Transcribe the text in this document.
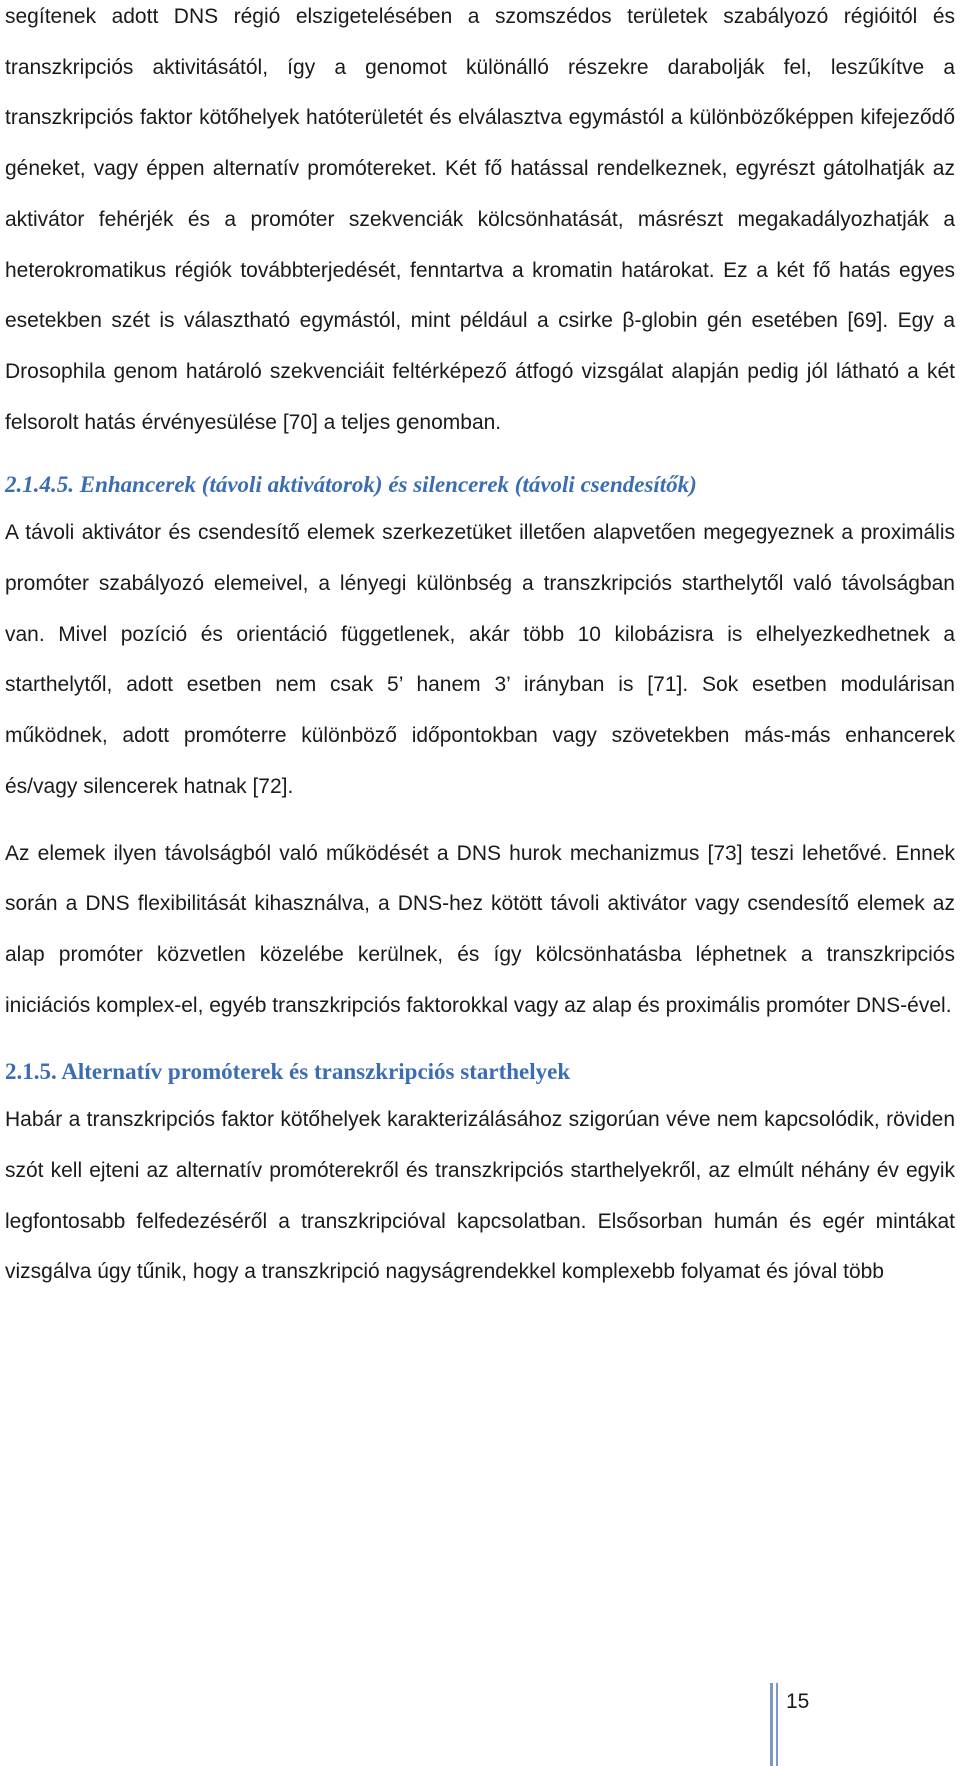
segítenek adott DNS régió elszigetelésében a szomszédos területek szabályozó régióitól és transzkripciós aktivitásától, így a genomot különálló részekre darabolják fel, leszűkítve a transzkripciós faktor kötőhelyek hatóterületét és elválasztva egymástól a különbözőképpen kifejeződő géneket, vagy éppen alternatív promótereket. Két fő hatással rendelkeznek, egyrészt gátolhatják az aktivátor fehérjék és a promóter szekvenciák kölcsönhatását, másrészt megakadályozhatják a heterokromatikus régiók továbbterjedését, fenntartva a kromatin határokat. Ez a két fő hatás egyes esetekben szét is választható egymástól, mint például a csirke β-globin gén esetében [69]. Egy a Drosophila genom határoló szekvenciáit feltérképező átfogó vizsgálat alapján pedig jól látható a két felsorolt hatás érvényesülése [70] a teljes genomban.

2.1.4.5. Enhancerek (távoli aktivátorok) és silencerek (távoli csendesítők)

A távoli aktivátor és csendesítő elemek szerkezetüket illetően alapvetően megegyeznek a proximális promóter szabályozó elemeivel, a lényegi különbség a transzkripciós starthelytől való távolságban van. Mivel pozíció és orientáció függetlenek, akár több 10 kilobázisra is elhelyezkedhetnek a starthelytől, adott esetben nem csak 5’ hanem 3’ irányban is [71]. Sok esetben modulárisan működnek, adott promóterre különböző időpontokban vagy szövetekben más-más enhancerek és/vagy silencerek hatnak [72].

Az elemek ilyen távolságból való működését a DNS hurok mechanizmus [73] teszi lehetővé. Ennek során a DNS flexibilitását kihasználva, a DNS-hez kötött távoli aktivátor vagy csendesítő elemek az alap promóter közvetlen közelébe kerülnek, és így kölcsönhatásba léphetnek a transzkripciós iniciációs komplex-el, egyéb transzkripciós faktorokkal vagy az alap és proximális promóter DNS-ével.

2.1.5. Alternatív promóterek és transzkripciós starthelyek

Habár a transzkripciós faktor kötőhelyek karakterizálásához szigorúan véve nem kapcsolódik, röviden szót kell ejteni az alternatív promóterekről és transzkripciós starthelyekről, az elmúlt néhány év egyik legfontosabb felfedezéséről a transzkripcióval kapcsolatban. Elsősorban humán és egér mintákat vizsgálva úgy tűnik, hogy a transzkripció nagyságrendekkel komplexebb folyamat és jóval több

15
